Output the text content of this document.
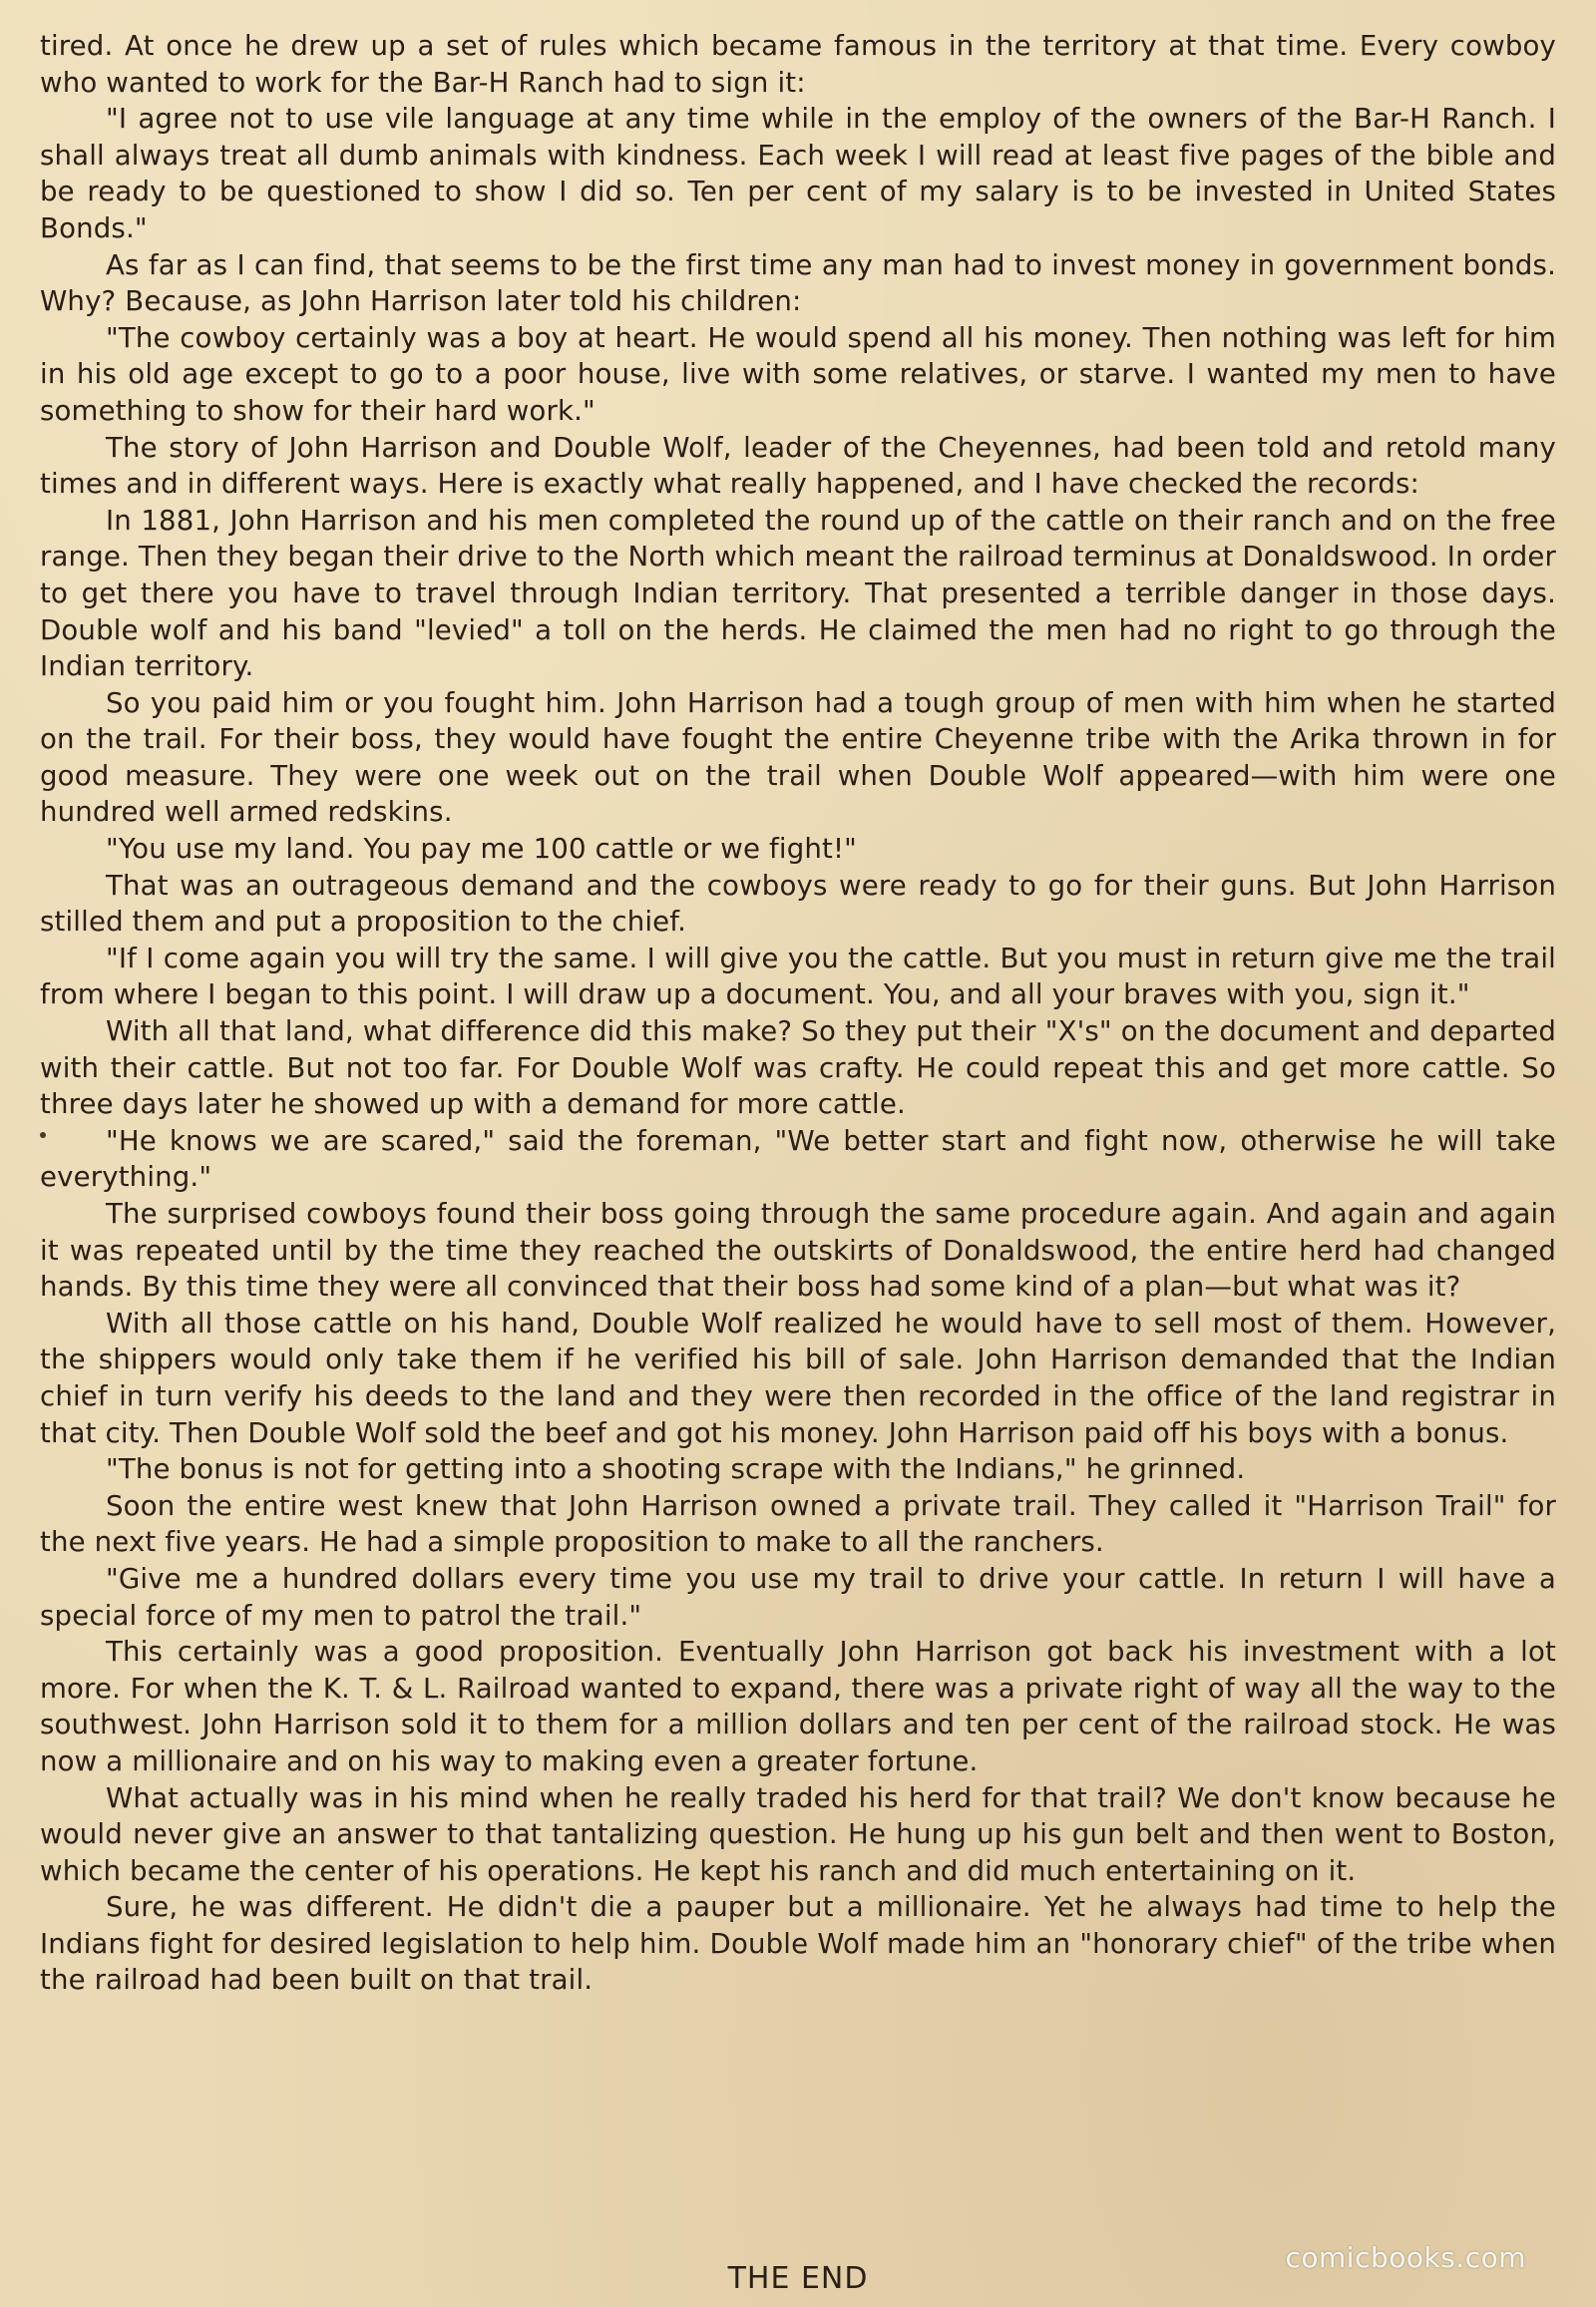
tired. At once he drew up a set of rules which became famous in the territory at that time. Every cowboy who wanted to work for the Bar-H Ranch had to sign it:

"I agree not to use vile language at any time while in the employ of the owners of the Bar-H Ranch. I shall always treat all dumb animals with kindness. Each week I will read at least five pages of the bible and be ready to be questioned to show I did so. Ten per cent of my salary is to be invested in United States Bonds."

As far as I can find, that seems to be the first time any man had to invest money in government bonds. Why? Because, as John Harrison later told his children:

"The cowboy certainly was a boy at heart. He would spend all his money. Then nothing was left for him in his old age except to go to a poor house, live with some relatives, or starve. I wanted my men to have something to show for their hard work."

The story of John Harrison and Double Wolf, leader of the Cheyennes, had been told and retold many times and in different ways. Here is exactly what really happened, and I have checked the records:

In 1881, John Harrison and his men completed the round up of the cattle on their ranch and on the free range. Then they began their drive to the North which meant the railroad terminus at Donaldswood. In order to get there you have to travel through Indian territory. That presented a terrible danger in those days. Double wolf and his band "levied" a toll on the herds. He claimed the men had no right to go through the Indian territory.

So you paid him or you fought him. John Harrison had a tough group of men with him when he started on the trail. For their boss, they would have fought the entire Cheyenne tribe with the Arika thrown in for good measure. They were one week out on the trail when Double Wolf appeared—with him were one hundred well armed redskins.

"You use my land. You pay me 100 cattle or we fight!"

That was an outrageous demand and the cowboys were ready to go for their guns. But John Harrison stilled them and put a proposition to the chief.

"If I come again you will try the same. I will give you the cattle. But you must in return give me the trail from where I began to this point. I will draw up a document. You, and all your braves with you, sign it."

With all that land, what difference did this make? So they put their "X's" on the document and departed with their cattle. But not too far. For Double Wolf was crafty. He could repeat this and get more cattle. So three days later he showed up with a demand for more cattle.

"He knows we are scared," said the foreman, "We better start and fight now, otherwise he will take everything."

The surprised cowboys found their boss going through the same procedure again. And again and again it was repeated until by the time they reached the outskirts of Donaldswood, the entire herd had changed hands. By this time they were all convinced that their boss had some kind of a plan—but what was it?

With all those cattle on his hand, Double Wolf realized he would have to sell most of them. However, the shippers would only take them if he verified his bill of sale. John Harrison demanded that the Indian chief in turn verify his deeds to the land and they were then recorded in the office of the land registrar in that city. Then Double Wolf sold the beef and got his money. John Harrison paid off his boys with a bonus.

"The bonus is not for getting into a shooting scrape with the Indians," he grinned.

Soon the entire west knew that John Harrison owned a private trail. They called it "Harrison Trail" for the next five years. He had a simple proposition to make to all the ranchers.

"Give me a hundred dollars every time you use my trail to drive your cattle. In return I will have a special force of my men to patrol the trail."

This certainly was a good proposition. Eventually John Harrison got back his investment with a lot more. For when the K. T. & L. Railroad wanted to expand, there was a private right of way all the way to the southwest. John Harrison sold it to them for a million dollars and ten per cent of the railroad stock. He was now a millionaire and on his way to making even a greater fortune.

What actually was in his mind when he really traded his herd for that trail? We don't know because he would never give an answer to that tantalizing question. He hung up his gun belt and then went to Boston, which became the center of his operations. He kept his ranch and did much entertaining on it.

Sure, he was different. He didn't die a pauper but a millionaire. Yet he always had time to help the Indians fight for desired legislation to help him. Double Wolf made him an "honorary chief" of the tribe when the railroad had been built on that trail.

THE END
comicbooks.com
